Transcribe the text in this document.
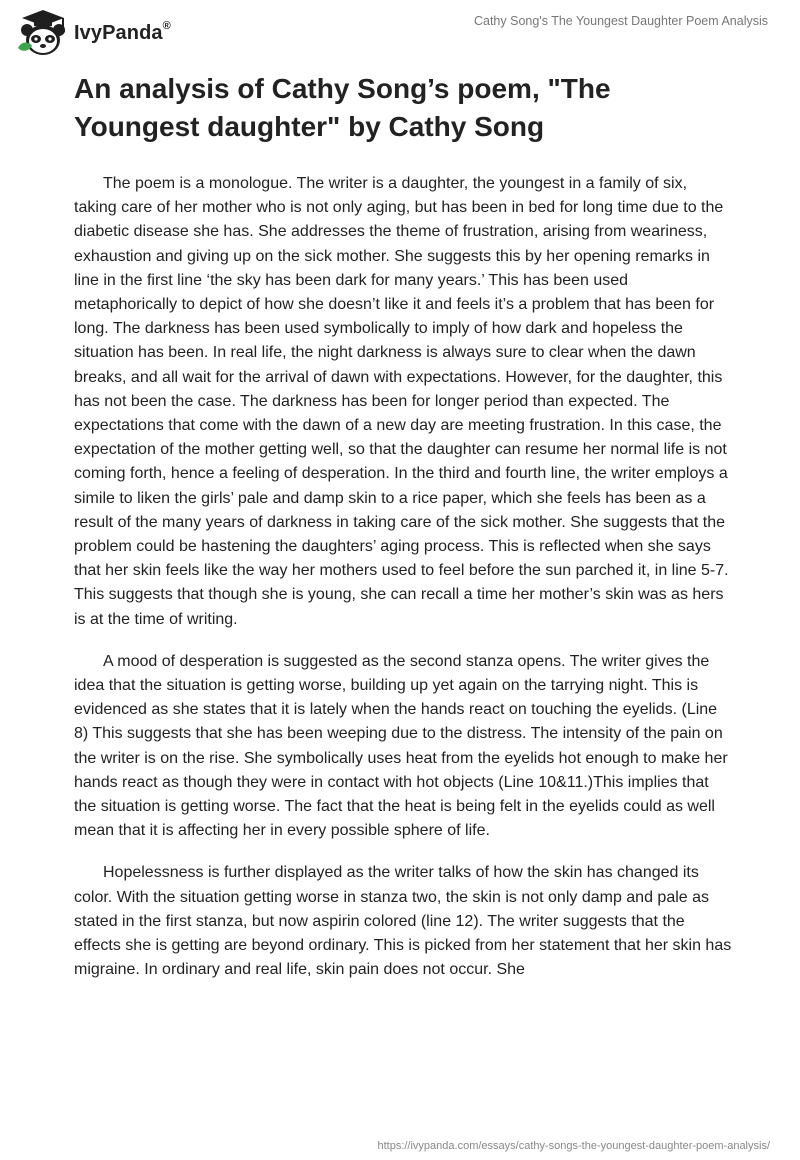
IvyPanda®	Cathy Song's The Youngest Daughter Poem Analysis
An analysis of Cathy Song’s poem, "The Youngest daughter" by Cathy Song

The poem is a monologue. The writer is a daughter, the youngest in a family of six, taking care of her mother who is not only aging, but has been in bed for long time due to the diabetic disease she has. She addresses the theme of frustration, arising from weariness, exhaustion and giving up on the sick mother. She suggests this by her opening remarks in line in the first line ‘the sky has been dark for many years.’ This has been used metaphorically to depict of how she doesn’t like it and feels it’s a problem that has been for long. The darkness has been used symbolically to imply of how dark and hopeless the situation has been. In real life, the night darkness is always sure to clear when the dawn breaks, and all wait for the arrival of dawn with expectations. However, for the daughter, this has not been the case. The darkness has been for longer period than expected. The expectations that come with the dawn of a new day are meeting frustration. In this case, the expectation of the mother getting well, so that the daughter can resume her normal life is not coming forth, hence a feeling of desperation. In the third and fourth line, the writer employs a simile to liken the girls’ pale and damp skin to a rice paper, which she feels has been as a result of the many years of darkness in taking care of the sick mother. She suggests that the problem could be hastening the daughters’ aging process. This is reflected when she says that her skin feels like the way her mothers used to feel before the sun parched it, in line 5-7. This suggests that though she is young, she can recall a time her mother’s skin was as hers is at the time of writing.

A mood of desperation is suggested as the second stanza opens. The writer gives the idea that the situation is getting worse, building up yet again on the tarrying night. This is evidenced as she states that it is lately when the hands react on touching the eyelids. (Line 8) This suggests that she has been weeping due to the distress. The intensity of the pain on the writer is on the rise. She symbolically uses heat from the eyelids hot enough to make her hands react as though they were in contact with hot objects (Line 10&11.)This implies that the situation is getting worse. The fact that the heat is being felt in the eyelids could as well mean that it is affecting her in every possible sphere of life.

Hopelessness is further displayed as the writer talks of how the skin has changed its color. With the situation getting worse in stanza two, the skin is not only damp and pale as stated in the first stanza, but now aspirin colored (line 12). The writer suggests that the effects she is getting are beyond ordinary. This is picked from her statement that her skin has migraine. In ordinary and real life, skin pain does not occur. She

https://ivypanda.com/essays/cathy-songs-the-youngest-daughter-poem-analysis/
